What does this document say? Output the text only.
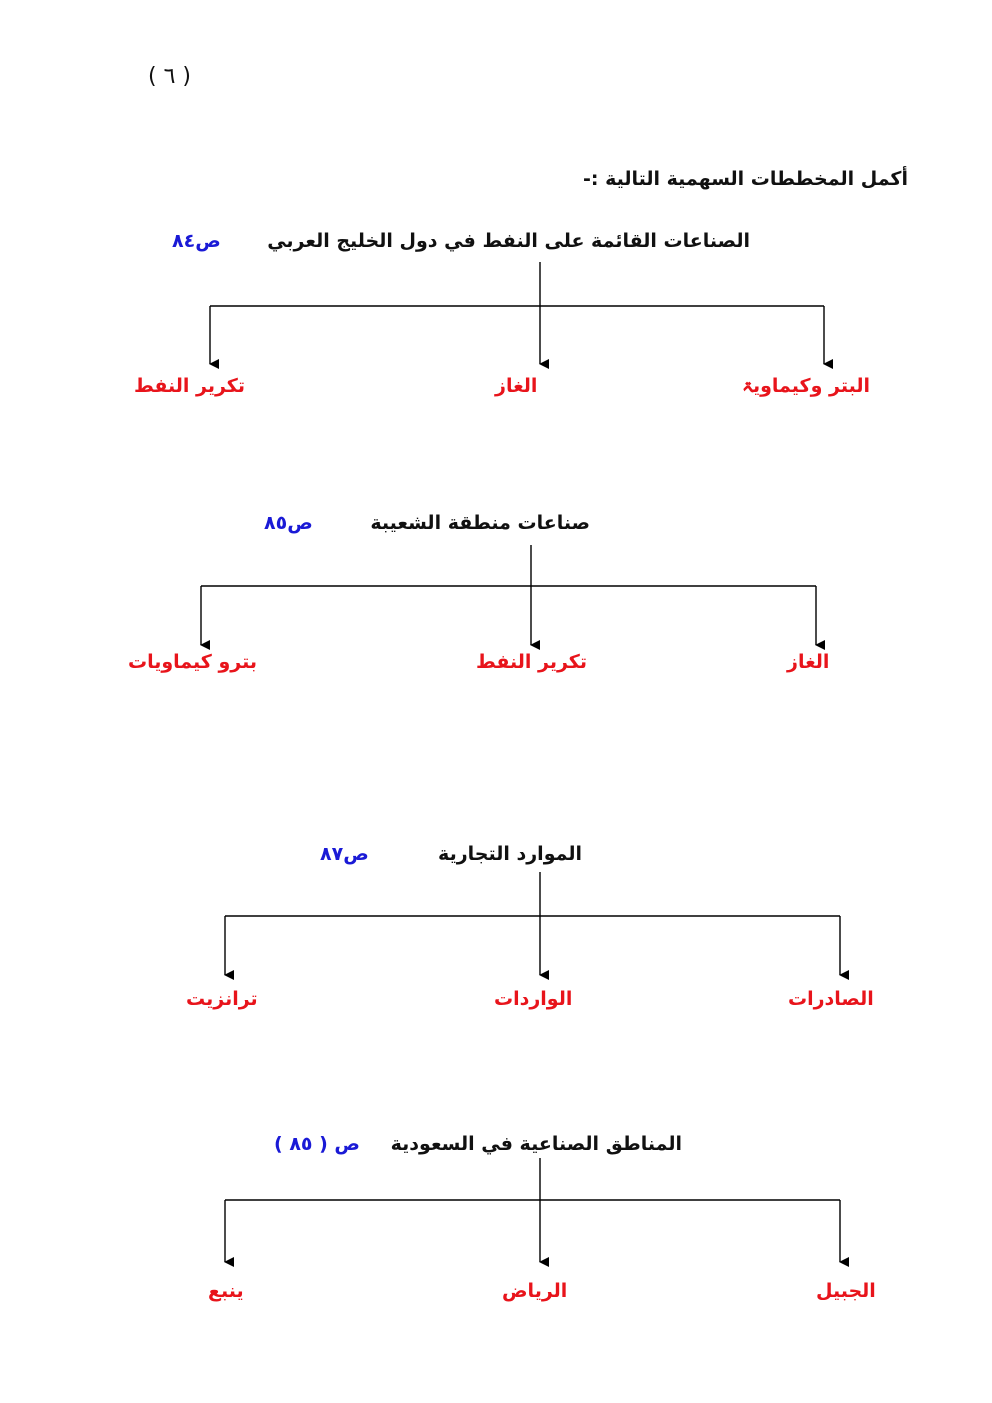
( ٦ )
أكمل المخططات السهمية التالية :-
الصناعات القائمة على النفط في دول الخليج العربي
ص٨٤
البتر وكيماويۃ
الغاز
تكرير النفط
صناعات منطقة الشعيبة
ص٨٥
الغاز
تكرير النفط
بترو كيماويات
الموارد التجارية
ص٨٧
الصادرات
الواردات
ترانزيت
المناطق الصناعية في السعودية
ص ( ٨٥ )
الجبيل
الرياض
ينبع
